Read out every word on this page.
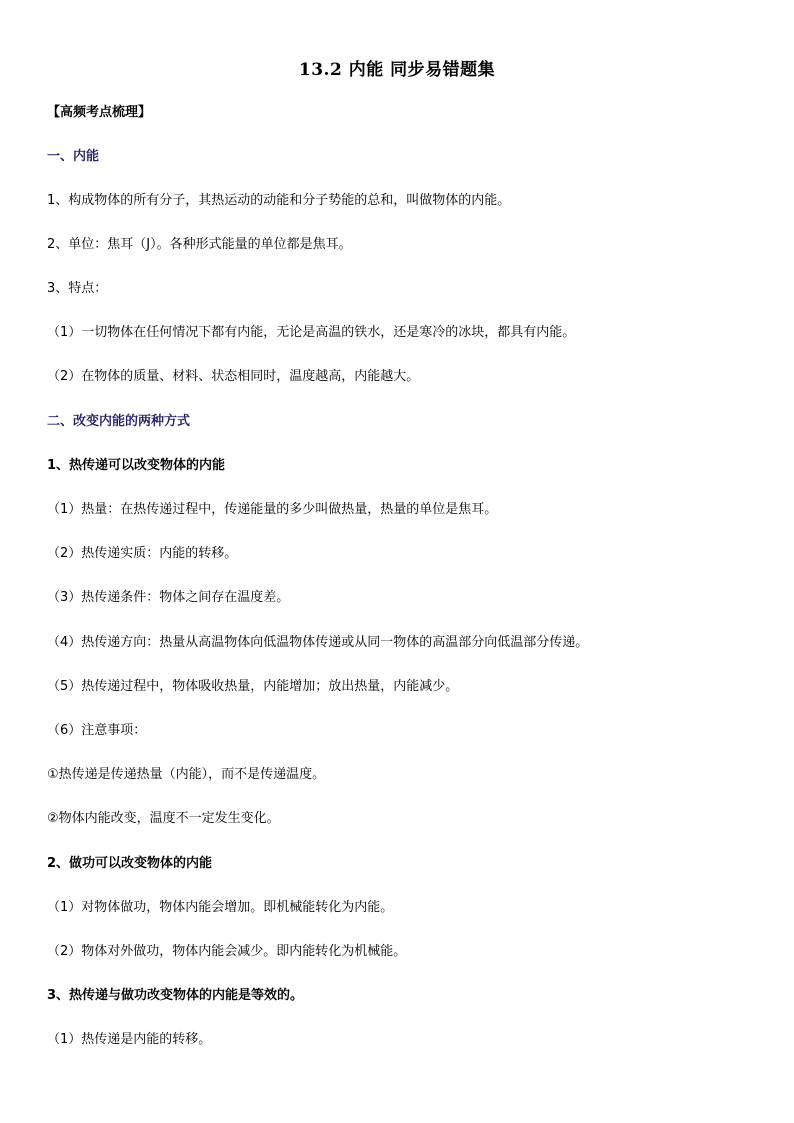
13.2 内能 同步易错题集
【高频考点梳理】
一、内能
1、构成物体的所有分子，其热运动的动能和分子势能的总和，叫做物体的内能。
2、单位：焦耳（J）。各种形式能量的单位都是焦耳。
3、特点：
（1）一切物体在任何情况下都有内能，无论是高温的铁水，还是寒冷的冰块，都具有内能。
（2）在物体的质量、材料、状态相同时，温度越高，内能越大。
二、改变内能的两种方式
1、热传递可以改变物体的内能
（1）热量：在热传递过程中，传递能量的多少叫做热量，热量的单位是焦耳。
（2）热传递实质：内能的转移。
（3）热传递条件：物体之间存在温度差。
（4）热传递方向：热量从高温物体向低温物体传递或从同一物体的高温部分向低温部分传递。
（5）热传递过程中，物体吸收热量，内能增加；放出热量，内能减少。
（6）注意事项：
①热传递是传递热量（内能），而不是传递温度。
②物体内能改变，温度不一定发生变化。
2、做功可以改变物体的内能
（1）对物体做功，物体内能会增加。即机械能转化为内能。
（2）物体对外做功，物体内能会减少。即内能转化为机械能。
3、热传递与做功改变物体的内能是等效的。
（1）热传递是内能的转移。
